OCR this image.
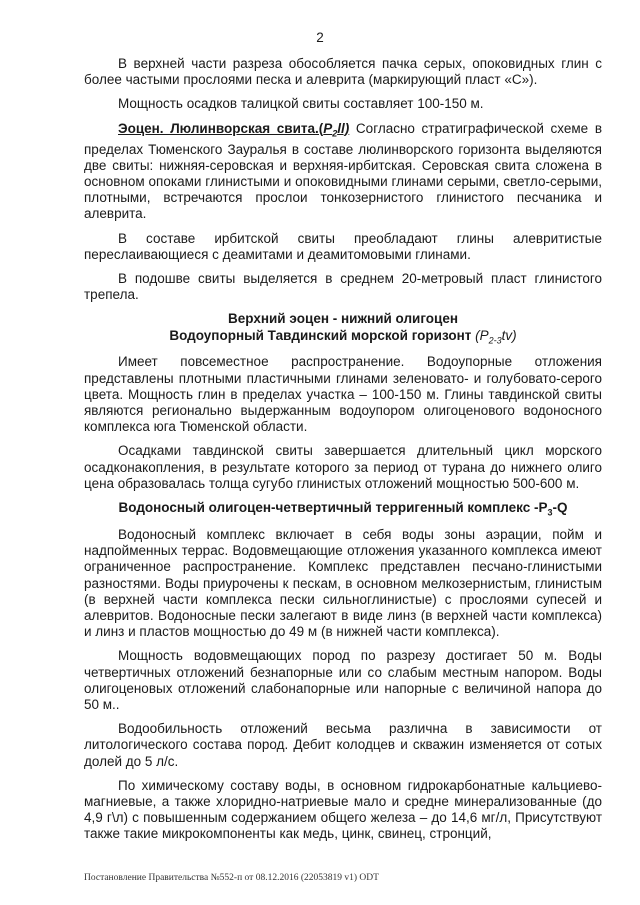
2

В верхней части разреза обособляется пачка серых, опоковидных глин с более частыми прослоями песка и алеврита (маркирующий пласт «С»).

Мощность осадков талицкой свиты составляет 100-150 м.

Эоцен. Люлинворская $свита.(P_2ll)$ Согласно стратиграфической схеме в пределах Тюменского Зауралья в составе люлинворского горизонта выделяются две свиты: нижняя-серовская и верхняя-ирбитская. Серовская свита сложена в основном опоками глинистыми и опоковидными глинами серыми, светло-серыми, плотными, встречаются прослои тонкозернистого глинистого песчаника и алеврита.

В составе ирбитской свиты преобладают глины алевритистые переслаивающиеся с деамитами и деамитомовыми глинами.

В подошве свиты выделяется в среднем 20-метровый пласт глинистого трепела.

Верхний эоцен - нижний олигоцен

Водоупорный Тавдинский морской горизонт $(P_{2-3}tv)$

Имеет повсеместное распространение. Водоупорные отложения представлены плотными пластичными глинами зеленовато- и голубовато-серого цвета. Мощность глин в пределах участка – 100-150 м. Глины тавдинской свиты являются регионально выдержанным водоупором олигоценового водоносного комплекса юга Тюменской области.

Осадками тавдинской свиты завершается длительный цикл морского осадконакопления, в результате которого за период от турана до нижнего олиго цена образовалась толща сугубо глинистых отложений мощностью 500-600 м.

Водоносный олигоцен-четвертичный терригенный комплекс $-P_3-Q$

Водоносный комплекс включает в себя воды зоны аэрации, пойм и надпойменных террас. Водовмещающие отложения указанного комплекса имеют ограниченное распространение. Комплекс представлен песчано-глинистыми разностями. Воды приурочены к пескам, в основном мелкозернистым, глинистым (в верхней части комплекса пески сильноглинистые) с прослоями супесей и алевритов. Водоносные пески залегают в виде линз (в верхней части комплекса) и линз и пластов мощностью до 49 м (в нижней части комплекса).

Мощность водовмещающих пород по разрезу достигает 50 м. Воды четвертичных отложений безнапорные или со слабым местным напором. Воды олигоценовых отложений слабонапорные или напорные с величиной напора до 50 м..

Водообильность отложений весьма различна в зависимости от литологического состава пород. Дебит колодцев и скважин изменяется от сотых долей до 5 л/с.

По химическому составу воды, в основном гидрокарбонатные кальциево-магниевые, а также хлоридно-натриевые мало и средне минерализованные (до 4,9 г\л) с повышенным содержанием общего железа – до 14,6 мг/л, Присутствуют также такие микрокомпоненты как медь, цинк, свинец, стронций,

Постановление Правительства №552-п от 08.12.2016 (22053819 v1) ODT
